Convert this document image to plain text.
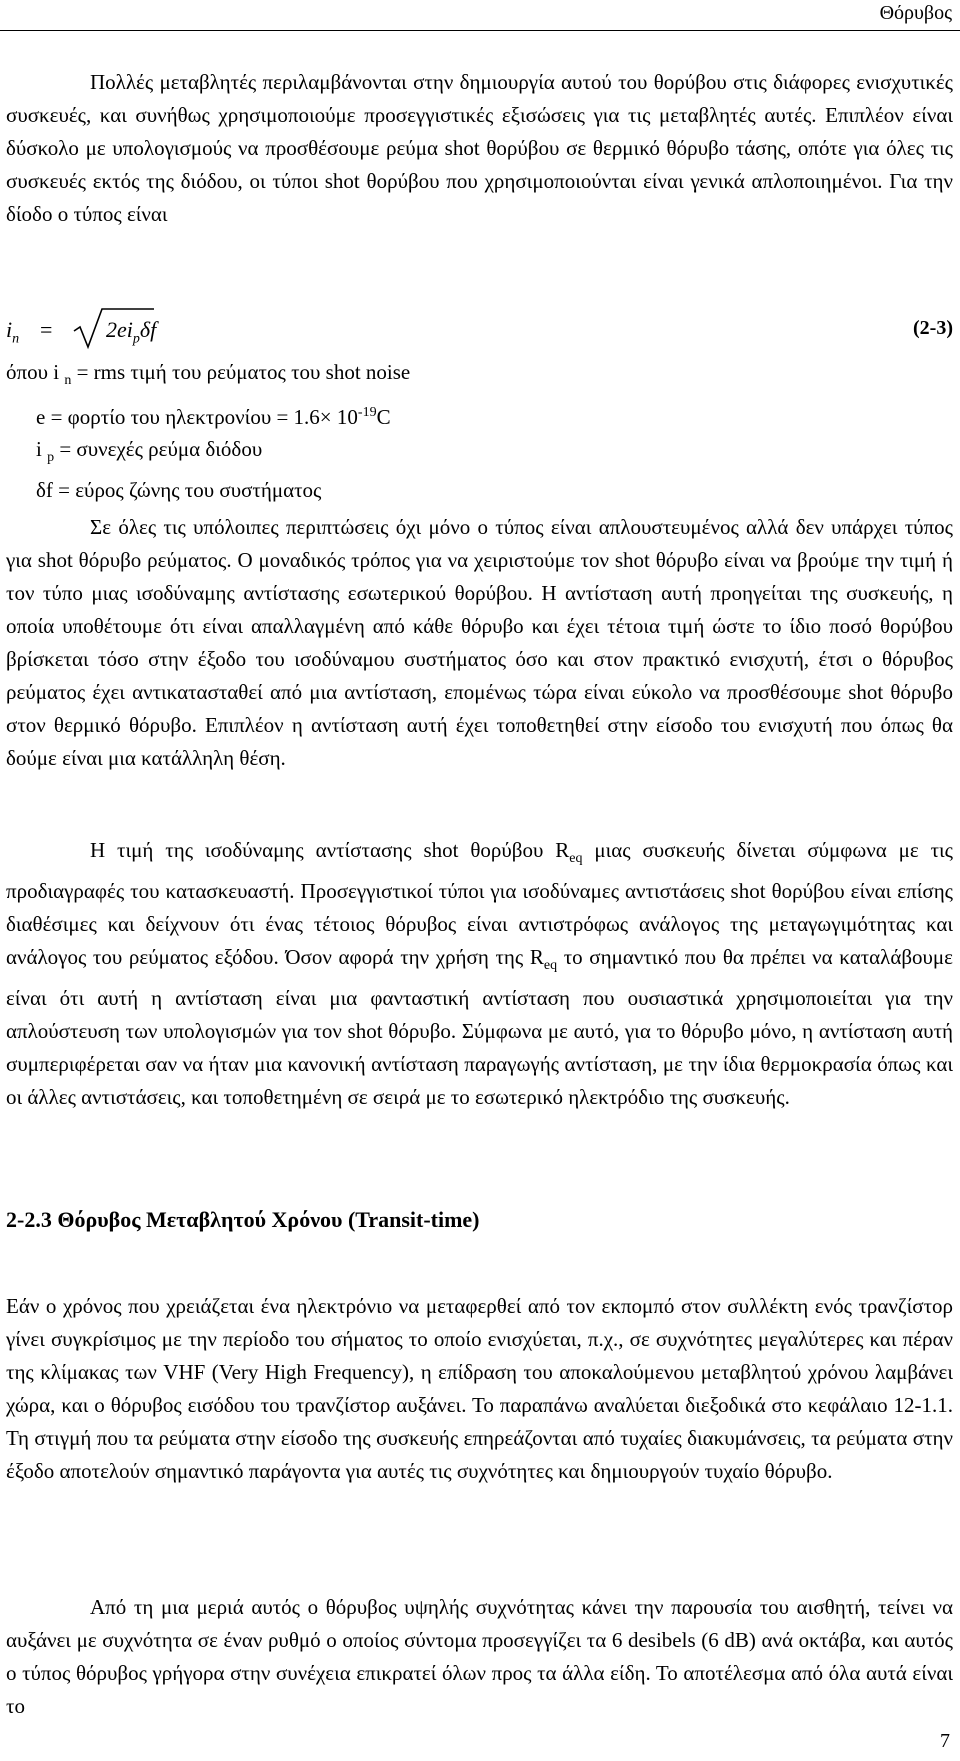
Θόρυβος
Πολλές μεταβλητές περιλαμβάνονται στην δημιουργία αυτού του θορύβου στις διάφορες ενισχυτικές συσκευές, και συνήθως χρησιμοποιούμε προσεγγιστικές εξισώσεις για τις μεταβλητές αυτές. Επιπλέον είναι δύσκολο με υπολογισμούς να προσθέσουμε ρεύμα shot θορύβου σε θερμικό θόρυβο τάσης, οπότε για όλες τις συσκευές εκτός της διόδου, οι τύποι shot θορύβου που χρησιμοποιούνται είναι γενικά απλοποιημένοι. Για την δίοδο ο τύπος είναι
$i_n = 2ei_p\delta f$	(2-3)
όπου i $_n$ = rms τιμή του ρεύματος του shot noise
e = φορτίο του $\eta\lambda\varepsilon\kappa\tau\rho o\nu ίo\upsilon = 1.6\times 10^{-19}C$
i $_p$ = συνεχές ρεύμα διόδου
δf = εύρος ζώνης του συστήματος
Σε όλες τις υπόλοιπες περιπτώσεις όχι μόνο ο τύπος είναι απλουστευμένος αλλά δεν υπάρχει τύπος για shot θόρυβο ρεύματος. Ο μοναδικός τρόπος για να χειριστούμε τον shot θόρυβο είναι να βρούμε την τιμή ή τον τύπο μιας ισοδύναμης αντίστασης εσωτερικού θορύβου. Η αντίσταση αυτή προηγείται της συσκευής, η οποία υποθέτουμε ότι είναι απαλλαγμένη από κάθε θόρυβο και έχει τέτοια τιμή ώστε το ίδιο ποσό θορύβου βρίσκεται τόσο στην έξοδο του ισοδύναμου συστήματος όσο και στον πρακτικό ενισχυτή, έτσι ο θόρυβος ρεύματος έχει αντικατασταθεί από μια αντίσταση, επομένως τώρα είναι εύκολο να προσθέσουμε shot θόρυβο στον θερμικό θόρυβο. Επιπλέον η αντίσταση αυτή έχει τοποθετηθεί στην είσοδο του ενισχυτή που όπως θα δούμε είναι μια κατάλληλη θέση.
Η τιμή της ισοδύναμης αντίστασης shot θορύβου $R_{eq}$ μιας συσκευής δίνεται σύμφωνα με τις προδιαγραφές του κατασκευαστή. Προσεγγιστικοί τύποι για ισοδύναμες αντιστάσεις shot θορύβου είναι επίσης διαθέσιμες και δείχνουν ότι ένας τέτοιος θόρυβος είναι αντιστρόφως ανάλογος της μεταγωγιμότητας και ανάλογος του ρεύματος εξόδου. Όσον αφορά την χρήση της $R_{eq}$ το σημαντικό που θα πρέπει να καταλάβουμε είναι ότι αυτή η αντίσταση είναι μια φανταστική αντίσταση που ουσιαστικά χρησιμοποιείται για την απλούστευση των υπολογισμών για τον shot θόρυβο. Σύμφωνα με αυτό, για το θόρυβο μόνο, η αντίσταση αυτή συμπεριφέρεται σαν να ήταν μια κανονική αντίσταση παραγωγής αντίσταση, με την ίδια θερμοκρασία όπως και οι άλλες αντιστάσεις, και τοποθετημένη σε σειρά με το εσωτερικό ηλεκτρόδιο της συσκευής.
2-2.3 Θόρυβος Μεταβλητού Χρόνου (Transit-time)
Εάν ο χρόνος που χρειάζεται ένα ηλεκτρόνιο να μεταφερθεί από τον εκπομπό στον συλλέκτη ενός τρανζίστορ γίνει συγκρίσιμος με την περίοδο του σήματος το οποίο ενισχύεται, π.χ., σε συχνότητες μεγαλύτερες και πέραν της κλίμακας των VHF (Very High Frequency), η επίδραση του αποκαλούμενου μεταβλητού χρόνου λαμβάνει χώρα, και ο θόρυβος εισόδου του τρανζίστορ αυξάνει. Το παραπάνω αναλύεται διεξοδικά στο κεφάλαιο 12-1.1. Τη στιγμή που τα ρεύματα στην είσοδο της συσκευής επηρεάζονται από τυχαίες διακυμάνσεις, τα ρεύματα στην έξοδο αποτελούν σημαντικό παράγοντα για αυτές τις συχνότητες και δημιουργούν τυχαίο θόρυβο.
Από τη μια μεριά αυτός ο θόρυβος υψηλής συχνότητας κάνει την παρουσία του αισθητή, τείνει να αυξάνει με συχνότητα σε έναν ρυθμό ο οποίος σύντομα προσεγγίζει τα 6 desibels (6 dB) ανά οκτάβα, και αυτός ο τύπος θόρυβος γρήγορα στην συνέχεια επικρατεί όλων προς τα άλλα είδη. Το αποτέλεσμα από όλα αυτά είναι το
7
